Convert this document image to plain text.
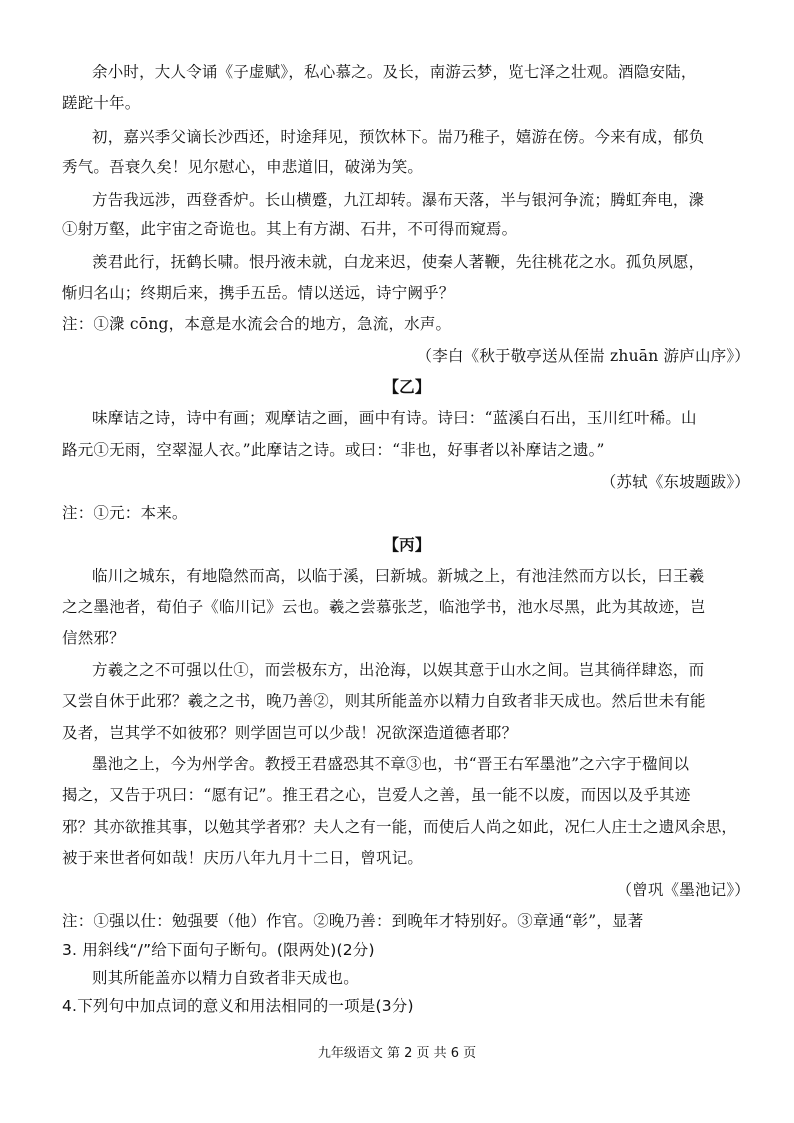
余小时，大人令诵《子虚赋》，私心慕之。及长，南游云梦，览七泽之壮观。酒隐安陆，
蹉跎十年。
初，嘉兴季父谪长沙西还，时途拜见，预饮林下。耑乃稚子，嬉游在傍。今来有成，郁负
秀气。吾衰久矣！见尔慰心，申悲道旧，破涕为笑。
方告我远涉，西登香炉。长山横蹙，九江却转。瀑布天落，半与银河争流；腾虹奔电，潨
①射万壑，此宇宙之奇诡也。其上有方湖、石井，不可得而窥焉。
羡君此行，抚鹤长啸。恨丹液未就，白龙来迟，使秦人著鞭，先往桃花之水。孤负夙愿，
惭归名山；终期后来，携手五岳。情以送远，诗宁阙乎？
注：①潨 cōng，本意是水流会合的地方，急流，水声。
（李白《秋于敬亭送从侄耑 zhuān 游庐山序》）
【乙】
味摩诘之诗，诗中有画；观摩诘之画，画中有诗。诗曰：“蓝溪白石出，玉川红叶稀。山
路元①无雨，空翠湿人衣。”此摩诘之诗。或曰：“非也，好事者以补摩诘之遗。”
（苏轼《东坡题跋》）
注：①元：本来。
【丙】
临川之城东，有地隐然而高，以临于溪，曰新城。新城之上，有池洼然而方以长，曰王羲
之之墨池者，荀伯子《临川记》云也。羲之尝慕张芝，临池学书，池水尽黑，此为其故迹，岂
信然邪？
方羲之之不可强以仕①，而尝极东方，出沧海，以娱其意于山水之间。岂其徜徉肆恣，而
又尝自休于此邪？羲之之书，晚乃善②，则其所能盖亦以精力自致者非天成也。然后世未有能
及者，岂其学不如彼邪？则学固岂可以少哉！况欲深造道德者耶？
墨池之上，今为州学舍。教授王君盛恐其不章③也，书“晋王右军墨池”之六字于楹间以
揭之，又告于巩曰：“愿有记”。推王君之心，岂爱人之善，虽一能不以废，而因以及乎其迹
邪？其亦欲推其事，以勉其学者邪？夫人之有一能，而使后人尚之如此，况仁人庄士之遗风余思，
被于来世者何如哉！庆历八年九月十二日，曾巩记。
（曾巩《墨池记》）
注：①强以仕：勉强要（他）作官。②晚乃善：到晚年才特别好。③章通“彰”，显著
3. 用斜线“/”给下面句子断句。(限两处)(2分)
则其所能盖亦以精力自致者非天成也。
4.下列句中加点词的意义和用法相同的一项是(3分)
九年级语文 第 2 页 共 6 页
